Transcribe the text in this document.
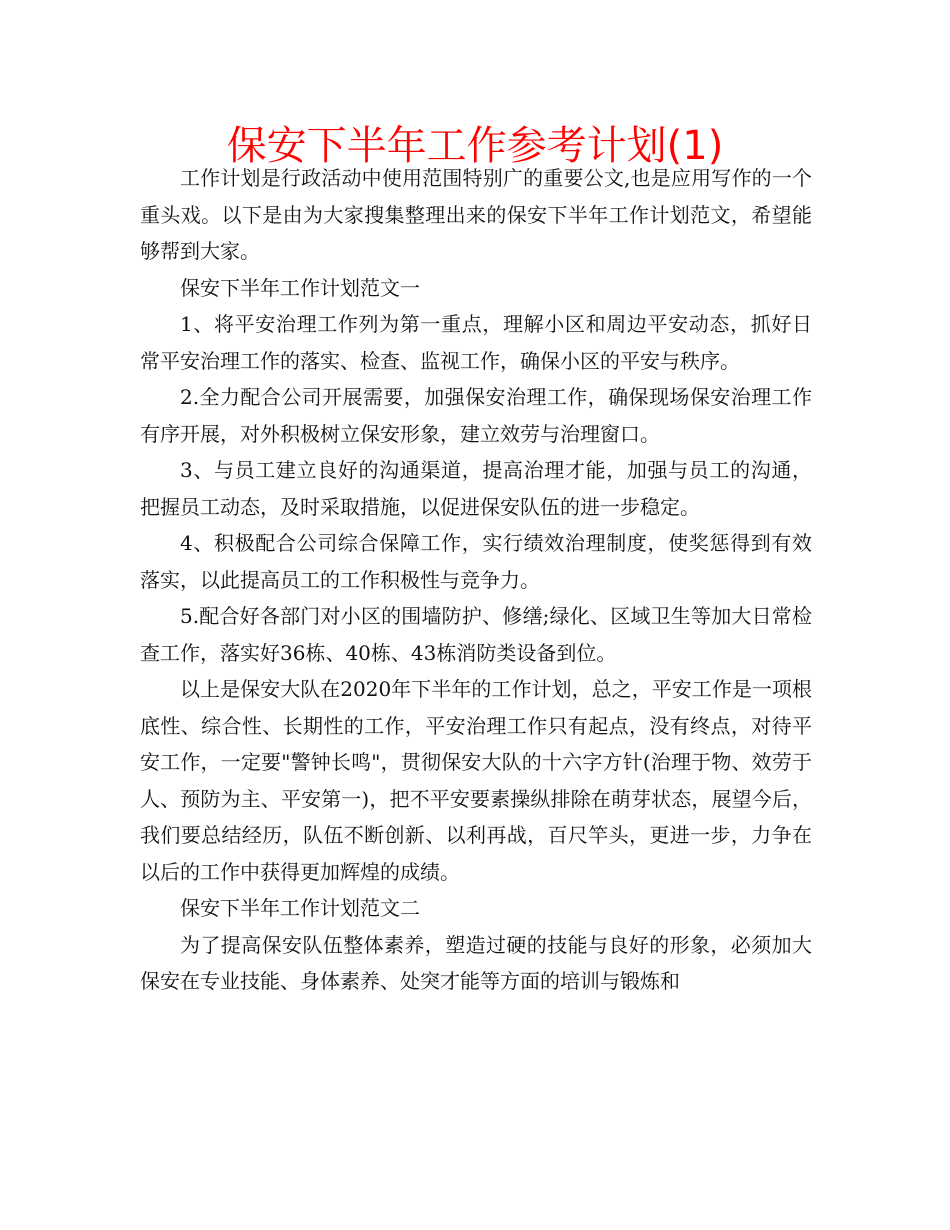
保安下半年工作参考计划(1)

工作计划是行政活动中使用范围特别广的重要公文,也是应用写作的一个重头戏。以下是由为大家搜集整理出来的保安下半年工作计划范文，希望能够帮到大家。

保安下半年工作计划范文一

1、将平安治理工作列为第一重点，理解小区和周边平安动态，抓好日常平安治理工作的落实、检查、监视工作，确保小区的平安与秩序。

2.全力配合公司开展需要，加强保安治理工作，确保现场保安治理工作有序开展，对外积极树立保安形象，建立效劳与治理窗口。

3、与员工建立良好的沟通渠道，提高治理才能，加强与员工的沟通，把握员工动态，及时采取措施，以促进保安队伍的进一步稳定。

4、积极配合公司综合保障工作，实行绩效治理制度，使奖惩得到有效落实，以此提高员工的工作积极性与竞争力。

5.配合好各部门对小区的围墙防护、修缮;绿化、区域卫生等加大日常检查工作，落实好36栋、40栋、43栋消防类设备到位。

以上是保安大队在2020年下半年的工作计划，总之，平安工作是一项根底性、综合性、长期性的工作，平安治理工作只有起点，没有终点，对待平安工作，一定要"警钟长鸣"，贯彻保安大队的十六字方针(治理于物、效劳于人、预防为主、平安第一)，把不平安要素操纵排除在萌芽状态，展望今后，我们要总结经历，队伍不断创新、以利再战，百尺竿头，更进一步，力争在以后的工作中获得更加辉煌的成绩。

保安下半年工作计划范文二

为了提高保安队伍整体素养，塑造过硬的技能与良好的形象，必须加大保安在专业技能、身体素养、处突才能等方面的培训与锻炼和
